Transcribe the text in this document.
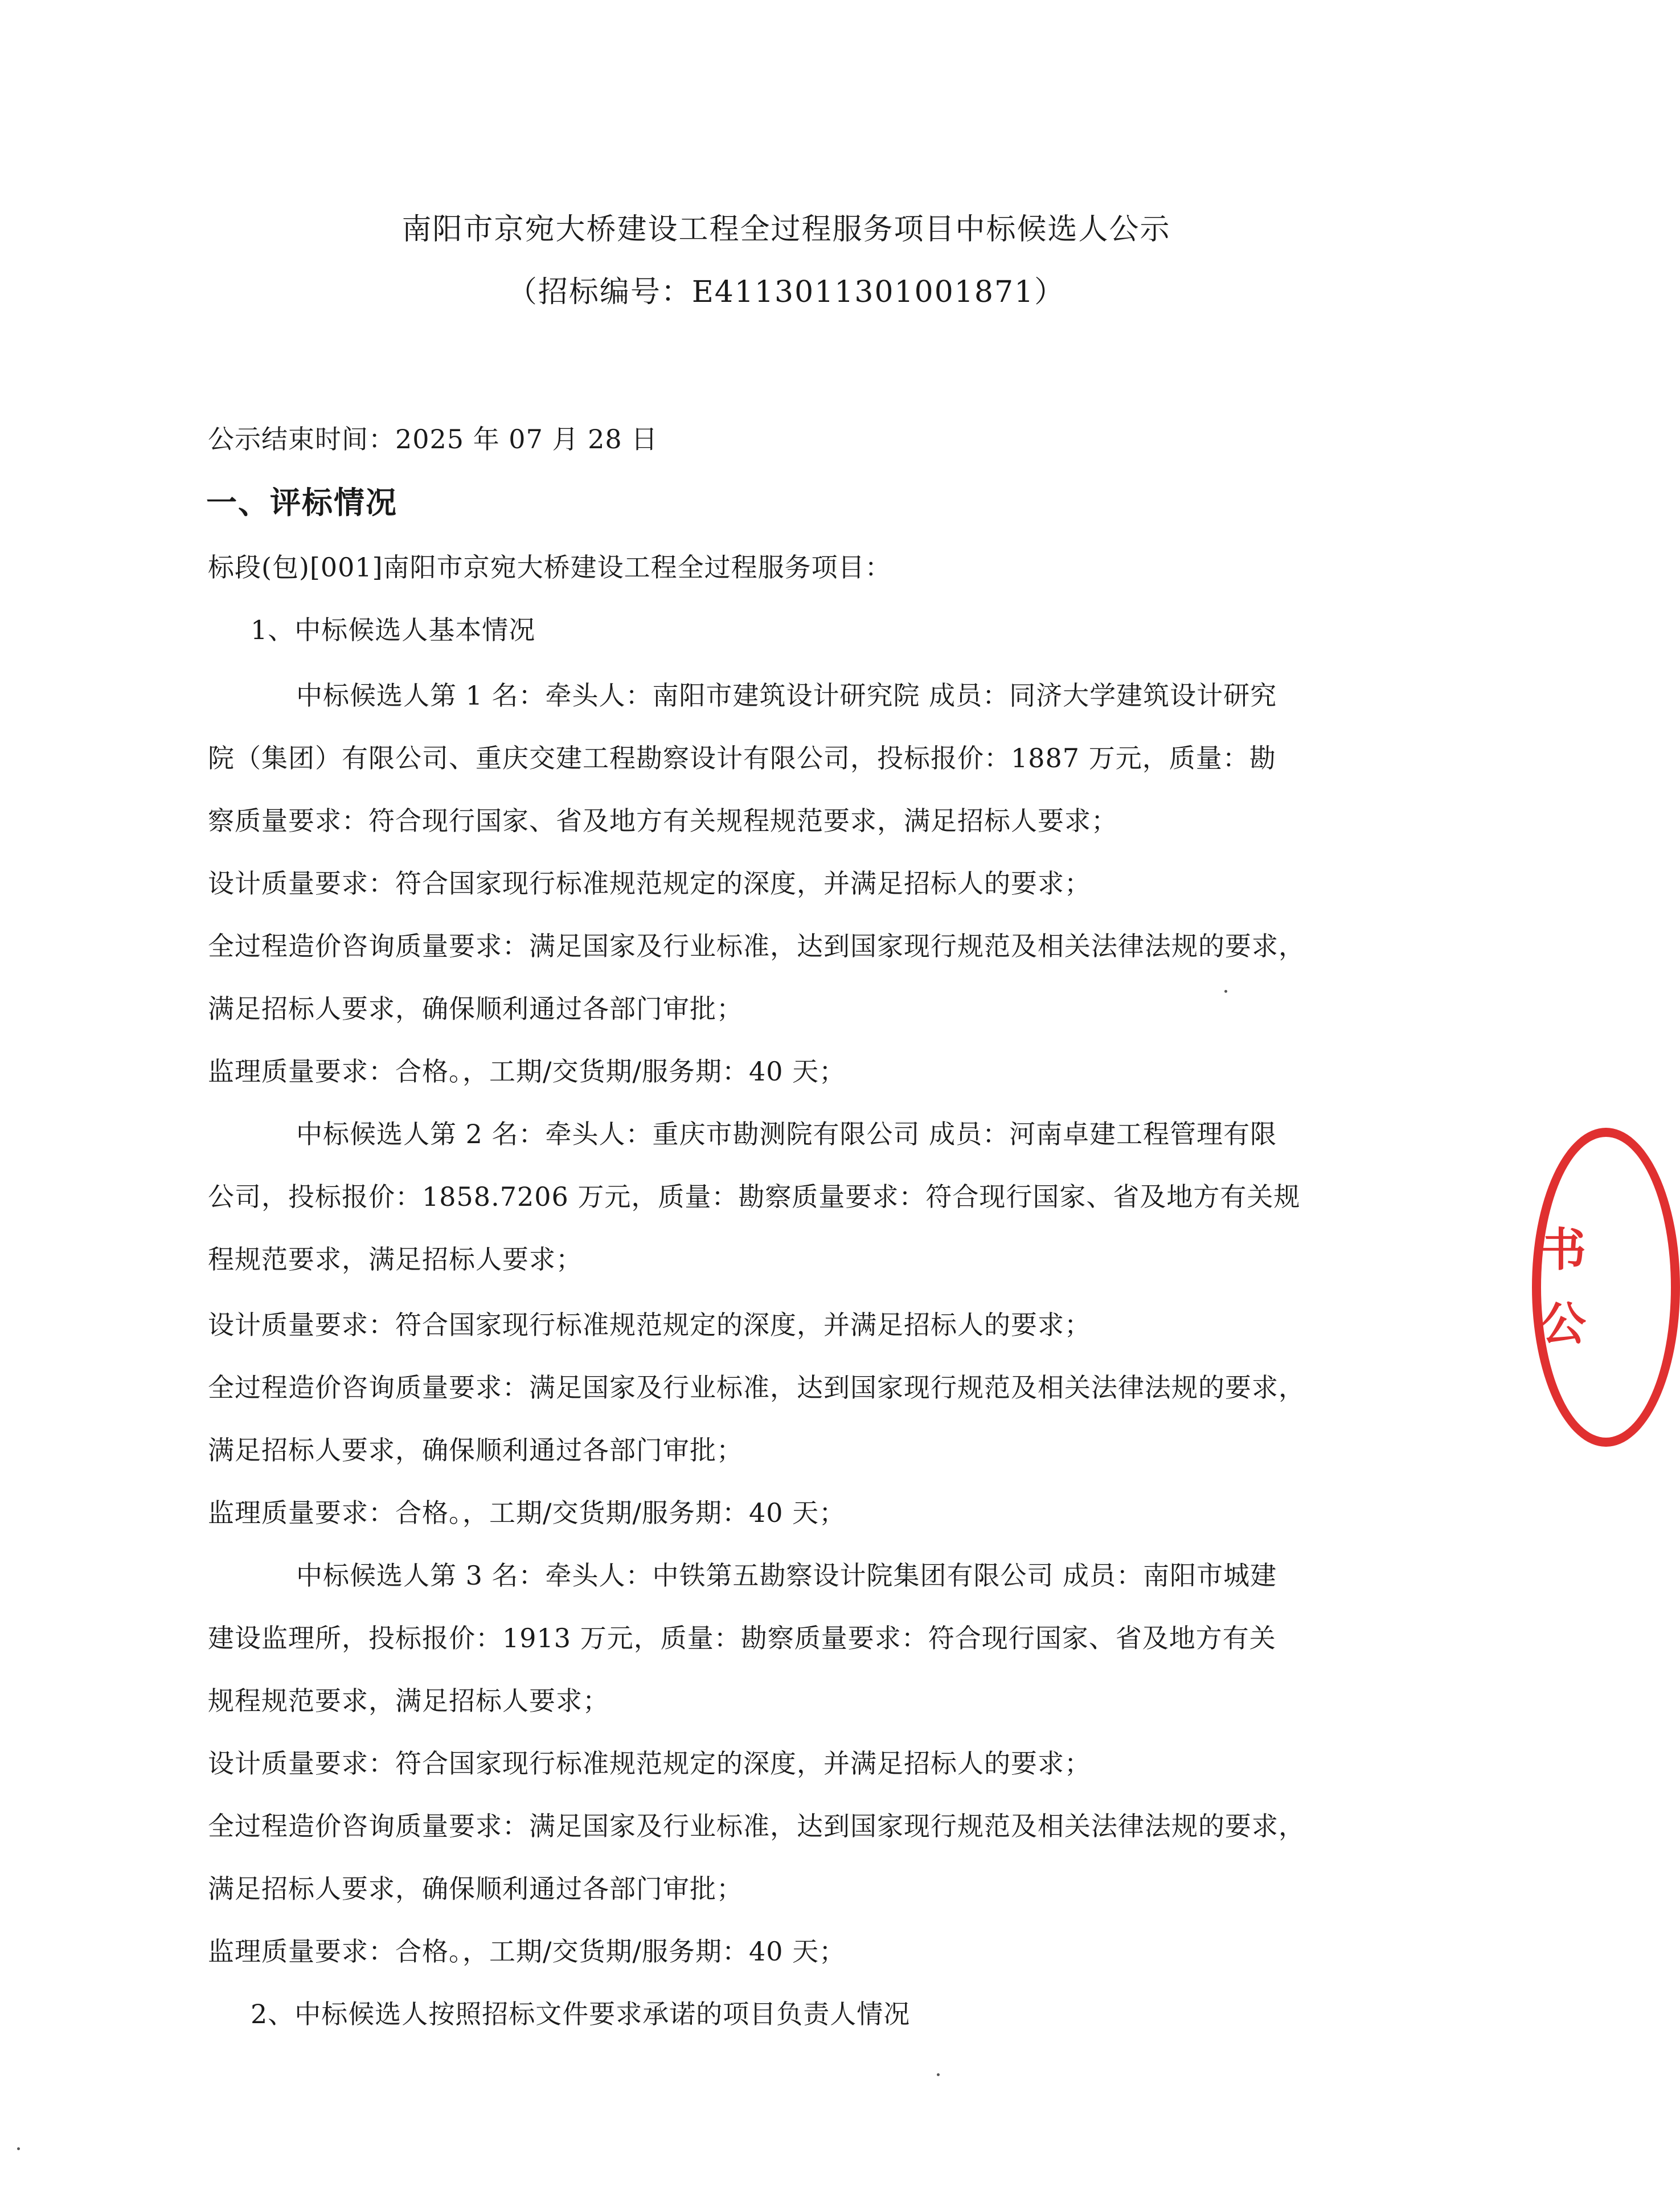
南阳市京宛大桥建设工程全过程服务项目中标候选人公示
（招标编号：E4113011301001871）
公示结束时间：2025 年 07 月 28 日
一、评标情况
标段(包)[001]南阳市京宛大桥建设工程全过程服务项目：
1、中标候选人基本情况
中标候选人第 1 名：牵头人：南阳市建筑设计研究院 成员：同济大学建筑设计研究
院（集团）有限公司、重庆交建工程勘察设计有限公司，投标报价：1887 万元，质量：勘
察质量要求：符合现行国家、省及地方有关规程规范要求，满足招标人要求；
设计质量要求：符合国家现行标准规范规定的深度，并满足招标人的要求；
全过程造价咨询质量要求：满足国家及行业标准，达到国家现行规范及相关法律法规的要求，
满足招标人要求，确保顺利通过各部门审批；
监理质量要求：合格。，工期/交货期/服务期：40 天；
中标候选人第 2 名：牵头人：重庆市勘测院有限公司 成员：河南卓建工程管理有限
公司，投标报价：1858.7206 万元，质量：勘察质量要求：符合现行国家、省及地方有关规
程规范要求，满足招标人要求；
设计质量要求：符合国家现行标准规范规定的深度，并满足招标人的要求；
全过程造价咨询质量要求：满足国家及行业标准，达到国家现行规范及相关法律法规的要求，
满足招标人要求，确保顺利通过各部门审批；
监理质量要求：合格。，工期/交货期/服务期：40 天；
中标候选人第 3 名：牵头人：中铁第五勘察设计院集团有限公司 成员：南阳市城建
建设监理所，投标报价：1913 万元，质量：勘察质量要求：符合现行国家、省及地方有关
规程规范要求，满足招标人要求；
设计质量要求：符合国家现行标准规范规定的深度，并满足招标人的要求；
全过程造价咨询质量要求：满足国家及行业标准，达到国家现行规范及相关法律法规的要求，
满足招标人要求，确保顺利通过各部门审批；
监理质量要求：合格。，工期/交货期/服务期：40 天；
2、中标候选人按照招标文件要求承诺的项目负责人情况
书
公
